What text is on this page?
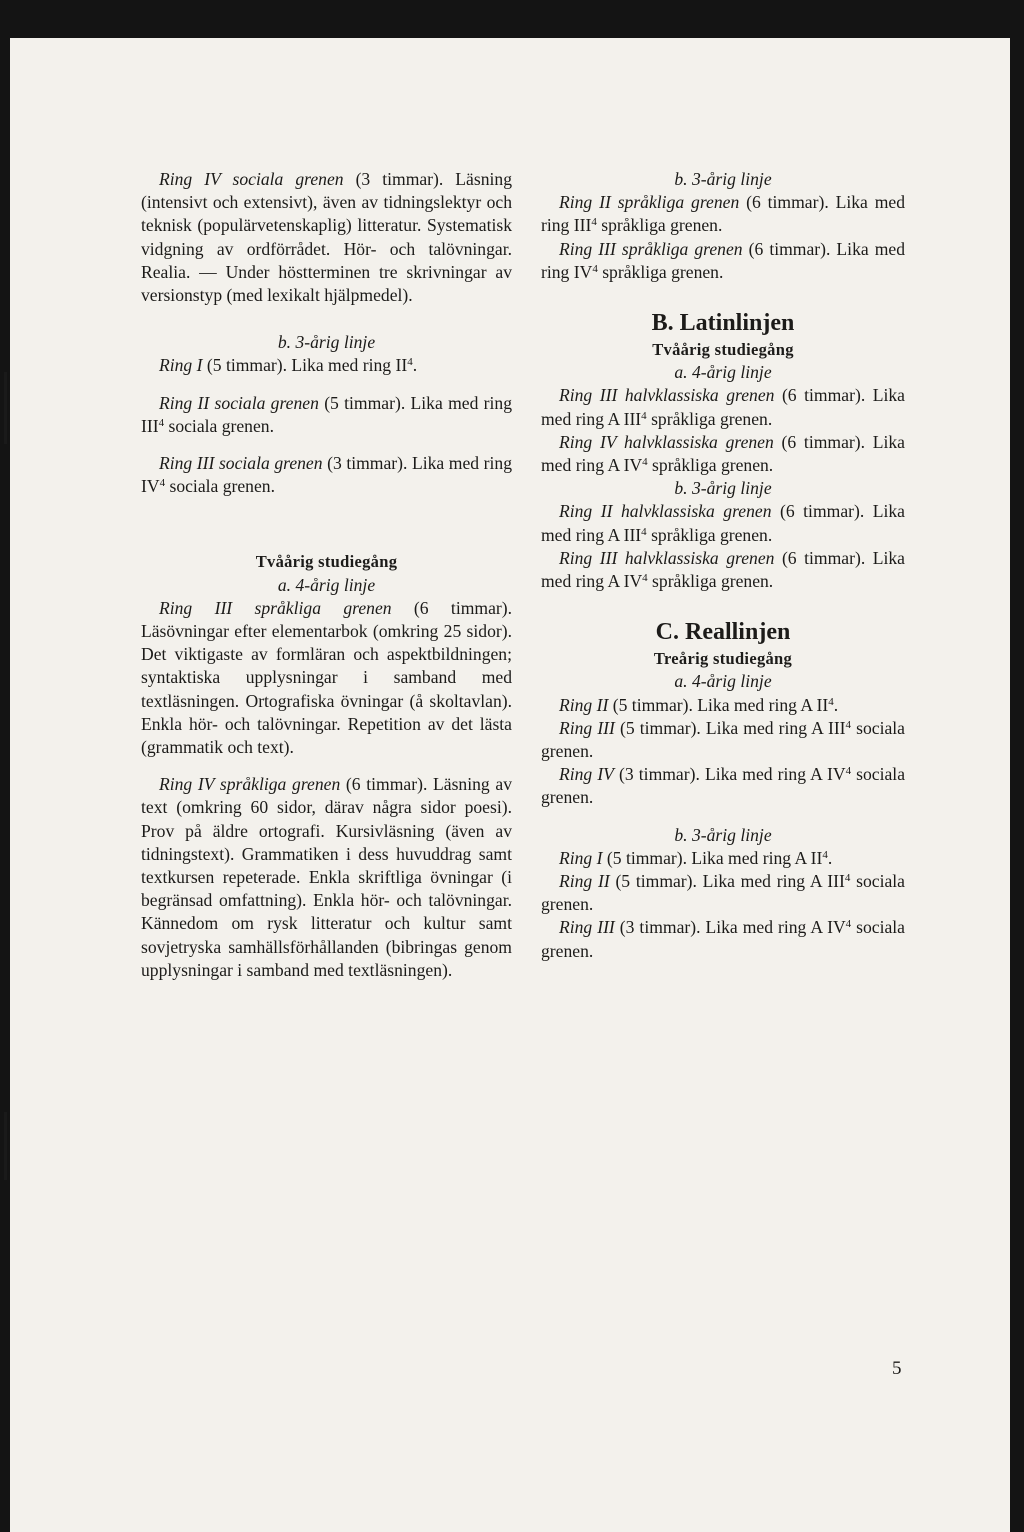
Ring IV sociala grenen (3 timmar). Läsning (intensivt och extensivt), även av tidningslektyr och teknisk (populärvetenskaplig) litteratur. Systematisk vidgning av ordförrådet. Hör- och talövningar. Realia. — Under höstterminen tre skrivningar av versionstyp (med lexikalt hjälpmedel).

b. 3-årig linje

Ring I (5 timmar). Lika med ring $II^4$.

Ring II sociala grenen (5 timmar). Lika med ring III$^4$ sociala grenen.

Ring III sociala grenen (3 timmar). Lika med ring $IV^4$ sociala grenen.

Tvåårig studiegång

a. 4-årig linje

Ring III språkliga grenen (6 timmar). Läsövningar efter elementarbok (omkring 25 sidor). Det viktigaste av formläran och aspektbildningen; syntaktiska upplysningar i samband med textläsningen. Ortografiska övningar (å skoltavlan). Enkla hör- och talövningar. Repetition av det lästa (grammatik och text).

Ring IV språkliga grenen (6 timmar). Läsning av text (omkring 60 sidor, därav några sidor poesi). Prov på äldre ortografi. Kursivläsning (även av tidningstext). Grammatiken i dess huvuddrag samt textkursen repeterade. Enkla skriftliga övningar (i begränsad omfattning). Enkla hör- och talövningar. Kännedom om rysk litteratur och kultur samt sovjetryska samhällsförhållanden (bibringas genom upplysningar i samband med textläsningen).

b. 3-årig linje

Ring II språkliga grenen (6 timmar). Lika med ring III$^4$ språkliga grenen.

Ring III språkliga grenen (6 timmar). Lika med ring $IV^4$ språkliga grenen.

B. Latinlinjen

Tvåårig studiegång

a. 4-årig linje

Ring III halvklassiska grenen (6 timmar). Lika med ring A III$^4$ språkliga grenen.

Ring IV halvklassiska grenen (6 timmar). Lika med ring A $IV^4$ språkliga grenen.

b. 3-årig linje

Ring II halvklassiska grenen (6 timmar). Lika med ring A III$^4$ språkliga grenen.

Ring III halvklassiska grenen (6 timmar). Lika med ring A $IV^4$ språkliga grenen.

C. Reallinjen

Treårig studiegång

a. 4-årig linje

Ring II (5 timmar). Lika med ring A $II^4$.

Ring III (5 timmar). Lika med ring A III$^4$ sociala grenen.

Ring IV (3 timmar). Lika med ring A $IV^4$ sociala grenen.

b. 3-årig linje

Ring I (5 timmar). Lika med ring A $II^4$.

Ring II (5 timmar). Lika med ring A III$^4$ sociala grenen.

Ring III (3 timmar). Lika med ring A $IV^4$ sociala grenen.

5
